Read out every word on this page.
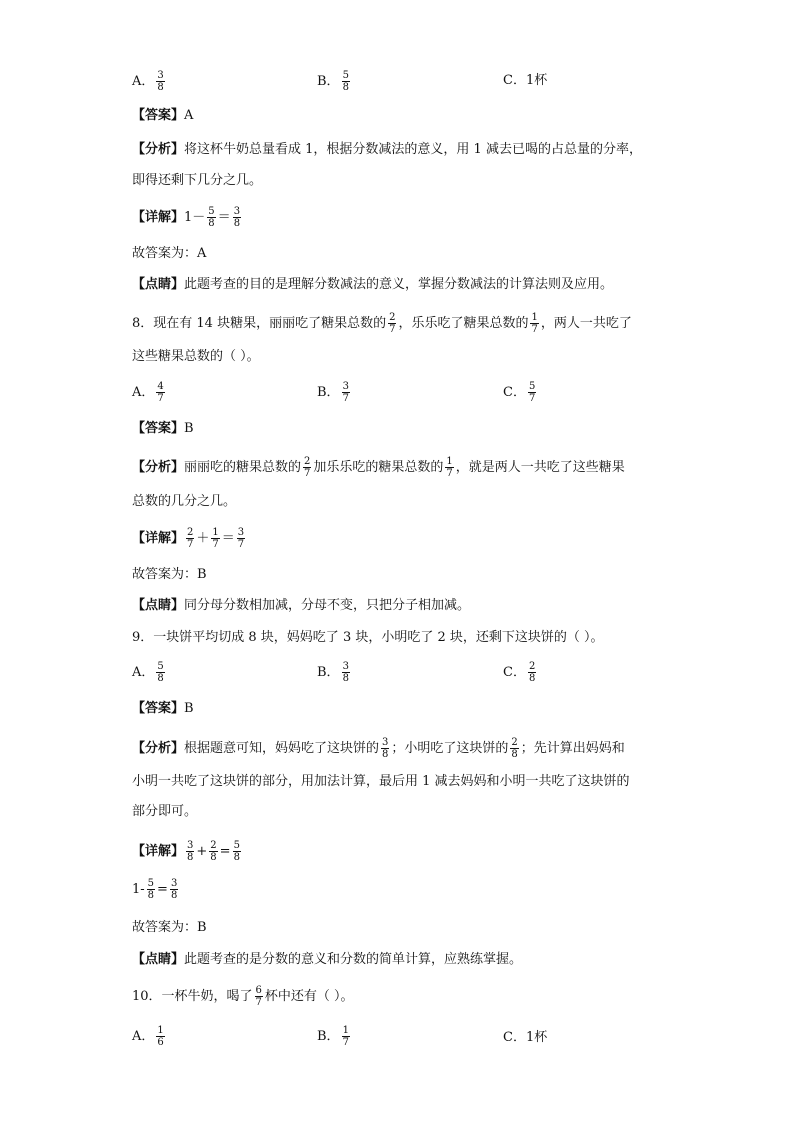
A． $\frac{3}{8}$	B． $\frac{5}{8}$	C．1杯
【答案】A
【分析】将这杯牛奶总量看成 1，根据分数减法的意义，用 1 减去已喝的占总量的分率，
即得还剩下几分之几。
【详解】$1- \frac{5}{8} = \frac{3}{8}$
故答案为：A
【点睛】此题考查的目的是理解分数减法的意义，掌握分数减法的计算法则及应用。
8．现在有 14 块糖果，丽丽吃了糖果总数的 $\frac{2}{7}$ ，乐乐吃了糖果总数的 $\frac{1}{7}$ ，两人一共吃了
这些糖果总数的（ ）。
A． $\frac{4}{7}$	B． $\frac{3}{7}$	C． $\frac{5}{7}$
【答案】B
【分析】丽丽吃的糖果总数的 $\frac{2}{7}$ 加乐乐吃的糖果总数的 $\frac{1}{7}$ ，就是两人一共吃了这些糖果
总数的几分之几。
【详解】 $\frac{2}{7} + \frac{1}{7} = \frac{3}{7}$
故答案为：B
【点睛】同分母分数相加减，分母不变，只把分子相加减。
9．一块饼平均切成 8 块，妈妈吃了 3 块，小明吃了 2 块，还剩下这块饼的（ ）。
A． $\frac{5}{8}$	B． $\frac{3}{8}$	C． $\frac{2}{8}$
【答案】B
【分析】根据题意可知，妈妈吃了这块饼的 $\frac{3}{8}$ ；小明吃了这块饼的 $\frac{2}{8}$ ；先计算出妈妈和
小明一共吃了这块饼的部分，用加法计算，最后用 1 减去妈妈和小明一共吃了这块饼的
部分即可。
【详解】 $\frac{3}{8} + \frac{2}{8} = \frac{5}{8}$
$1- \frac{5}{8} = \frac{3}{8}$
故答案为：B
【点睛】此题考查的是分数的意义和分数的简单计算，应熟练掌握。
10．一杯牛奶，喝了 $\frac{6}{7}$ 杯中还有（ ）。
A． $\frac{1}{6}$	B． $\frac{1}{7}$	C．1杯
